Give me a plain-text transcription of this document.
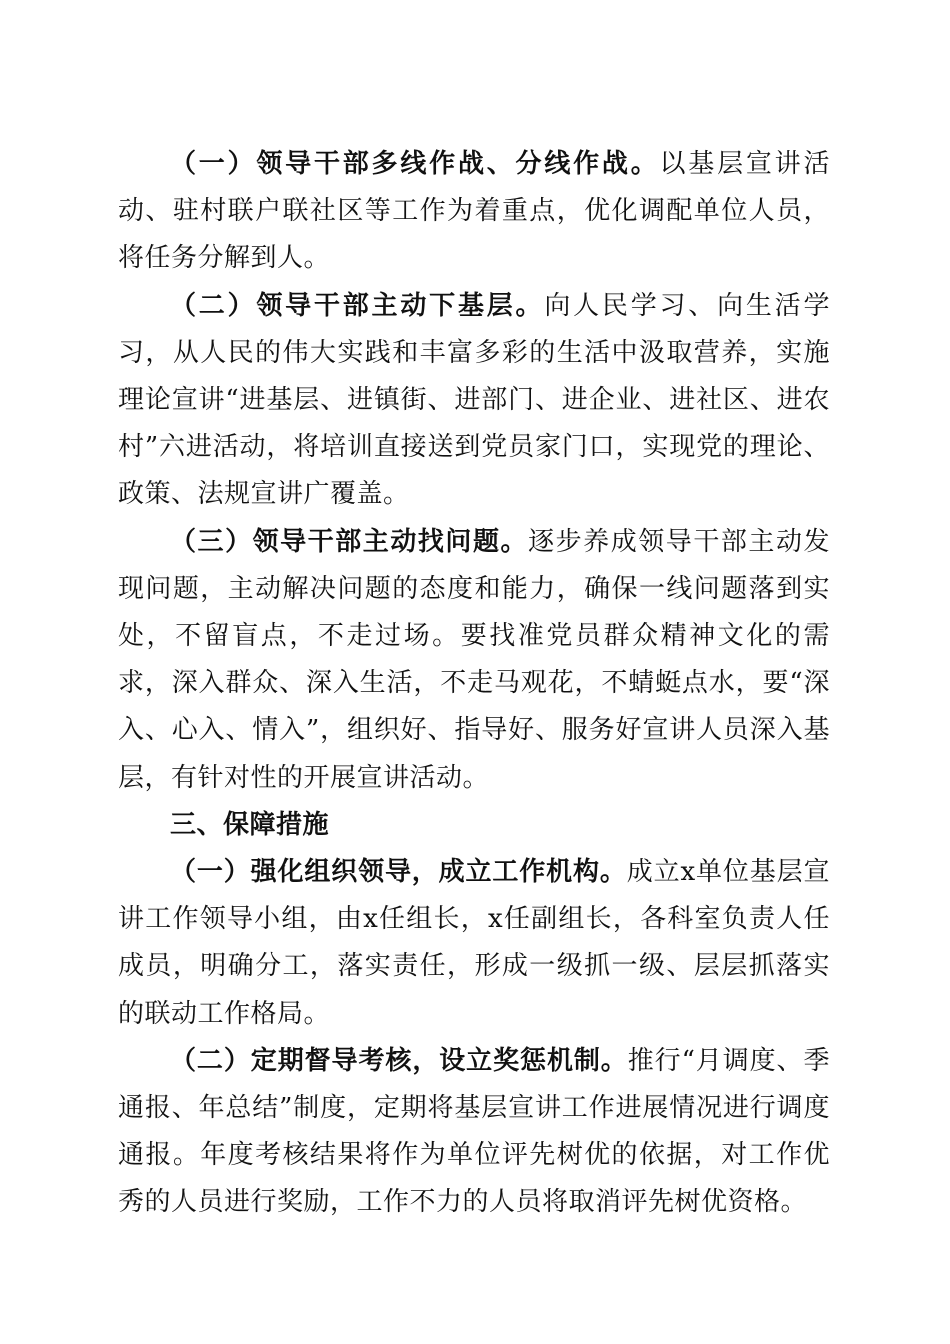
（一）领导干部多线作战、分线作战。以基层宣讲活动、驻村联户联社区等工作为着重点，优化调配单位人员，将任务分解到人。

（二）领导干部主动下基层。向人民学习、向生活学习，从人民的伟大实践和丰富多彩的生活中汲取营养，实施理论宣讲“进基层、进镇街、进部门、进企业、进社区、进农村”六进活动，将培训直接送到党员家门口，实现党的理论、政策、法规宣讲广覆盖。

（三）领导干部主动找问题。逐步养成领导干部主动发现问题，主动解决问题的态度和能力，确保一线问题落到实处，不留盲点，不走过场。要找准党员群众精神文化的需求，深入群众、深入生活，不走马观花，不蜻蜓点水，要“深入、心入、情入”，组织好、指导好、服务好宣讲人员深入基层，有针对性的开展宣讲活动。

三、保障措施

（一）强化组织领导，成立工作机构。成立x单位基层宣讲工作领导小组，由x任组长，x任副组长，各科室负责人任成员，明确分工，落实责任，形成一级抓一级、层层抓落实的联动工作格局。

（二）定期督导考核，设立奖惩机制。推行“月调度、季通报、年总结”制度，定期将基层宣讲工作进展情况进行调度通报。年度考核结果将作为单位评先树优的依据，对工作优秀的人员进行奖励，工作不力的人员将取消评先树优资格。
